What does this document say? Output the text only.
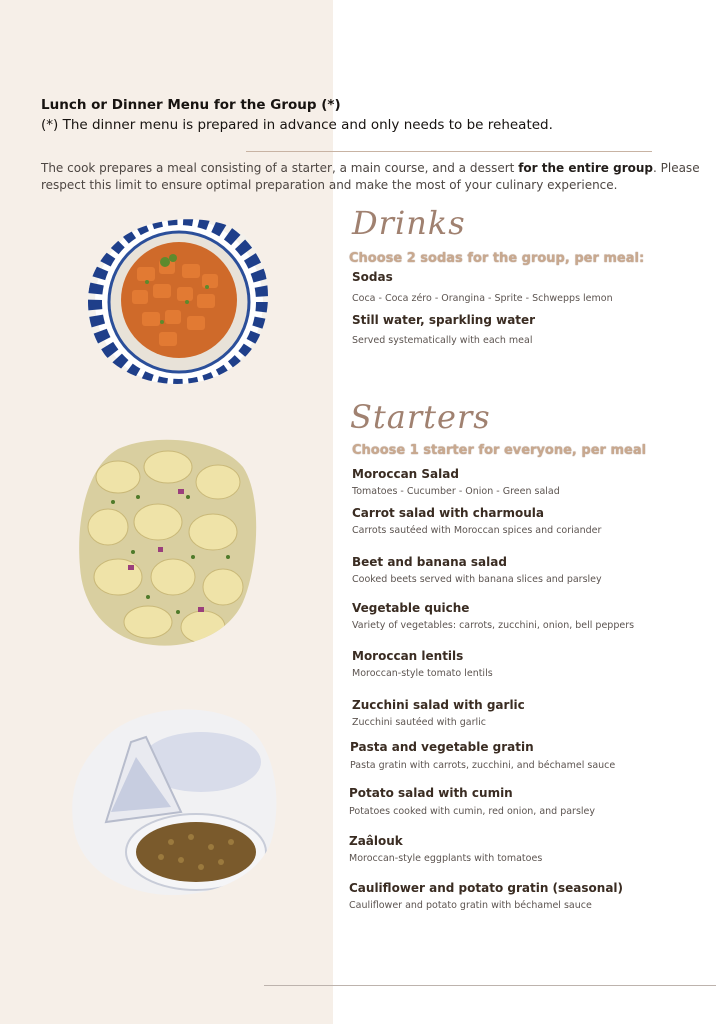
Lunch or Dinner Menu for the Group (*)

(*) The dinner menu is prepared in advance and only needs to be reheated.

The cook prepares a meal consisting of a starter, a main course, and a dessert for the entire group. Please respect this limit to ensure optimal preparation and make the most of your culinary experience.
Drinks
Choose 2 sodas for the group, per meal:
Sodas
Coca - Coca zéro - Orangina - Sprite - Schwepps lemon
Still water, sparkling water
Served systematically with each meal
Starters
Choose 1 starter for everyone, per meal
Moroccan Salad
Tomatoes - Cucumber - Onion - Green salad
Carrot salad with charmoula
Carrots sautéed with Moroccan spices and coriander
Beet and banana salad
Cooked beets served with banana slices and parsley
Vegetable quiche
Variety of vegetables: carrots, zucchini, onion, bell peppers
Moroccan lentils
Moroccan-style tomato lentils
Zucchini salad with garlic
Zucchini sautéed with garlic
Pasta and vegetable gratin
Pasta gratin with carrots, zucchini, and béchamel sauce
Potato salad with cumin
Potatoes cooked with cumin, red onion, and parsley
Zaâlouk
Moroccan-style eggplants with tomatoes
Cauliflower and potato gratin (seasonal)
Cauliflower and potato gratin with béchamel sauce
